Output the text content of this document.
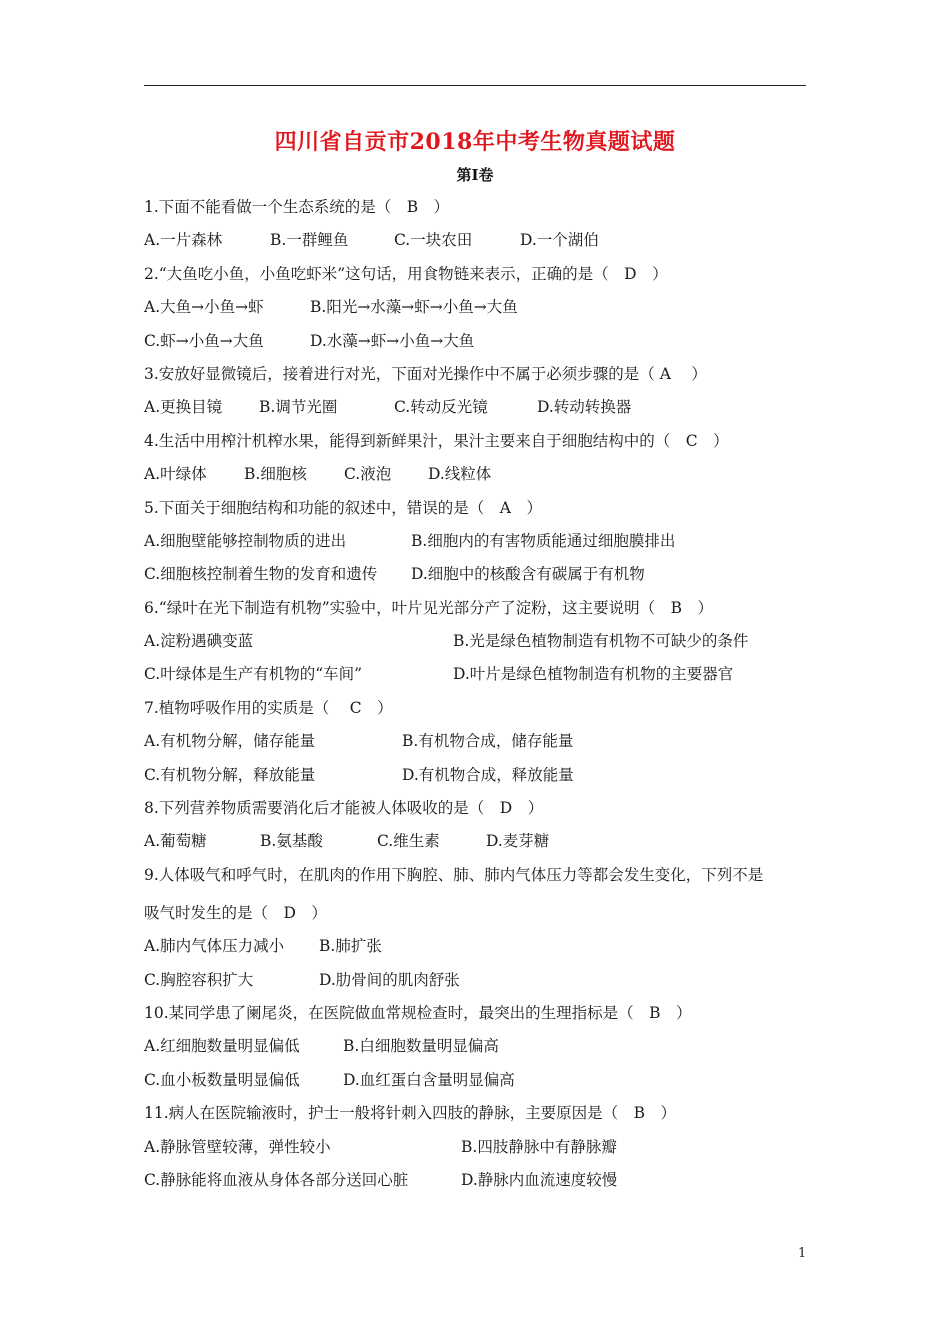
四川省自贡市2018年中考生物真题试题
第Ⅰ卷
1.下面不能看做一个生态系统的是（　B　）
A.一片森林	B.一群鲤鱼	C.一块农田	D.一个湖伯
2.“大鱼吃小鱼，小鱼吃虾米”这句话，用食物链来表示，正确的是（　D　）
A.大鱼→小鱼→虾	B.阳光→水藻→虾→小鱼→大鱼
C.虾→小鱼→大鱼	D.水藻→虾→小鱼→大鱼
3.安放好显微镜后，接着进行对光，下面对光操作中不属于必须步骤的是（ A　 ）
A.更换目镜 B.调节光圈	C.转动反光镜	D.转动转换器
4.生活中用榨汁机榨水果，能得到新鲜果汁，果汁主要来自于细胞结构中的（　C　）
A.叶绿体 B.细胞核 C.液泡 D.线粒体
5.下面关于细胞结构和功能的叙述中，错误的是（　A　）
A.细胞壁能够控制物质的进出	B.细胞内的有害物质能通过细胞膜排出
C.细胞核控制着生物的发育和遗传 D.细胞中的核酸含有碳属于有机物
6.“绿叶在光下制造有机物”实验中，叶片见光部分产了淀粉，这主要说明（　B　）
A.淀粉遇碘变蓝	B.光是绿色植物制造有机物不可缺少的条件
C.叶绿体是生产有机物的“车间”	D.叶片是绿色植物制造有机物的主要器官
7.植物呼吸作用的实质是（　 C　）
A.有机物分解，储存能量	B.有机物合成，储存能量
C.有机物分解，释放能量	D.有机物合成，释放能量
8.下列营养物质需要消化后才能被人体吸收的是（　D　）
A.葡萄糖	B.氨基酸	C.维生素	D.麦芽糖
9.人体吸气和呼气时，在肌肉的作用下胸腔、肺、肺内气体压力等都会发生变化，下列不是
吸气时发生的是（　D　）
A.肺内气体压力减小 B.肺扩张
C.胸腔容积扩大	D.肋骨间的肌肉舒张
10.某同学患了阑尾炎，在医院做血常规检查时，最突出的生理指标是（　B　）
A.红细胞数量明显偏低	B.白细胞数量明显偏高
C.血小板数量明显偏低	D.血红蛋白含量明显偏高
11.病人在医院输液时，护士一般将针刺入四肢的静脉，主要原因是（　B　）
A.静脉管壁较薄，弹性较小	B.四肢静脉中有静脉瓣
C.静脉能将血液从身体各部分送回心脏	D.静脉内血流速度较慢
1
